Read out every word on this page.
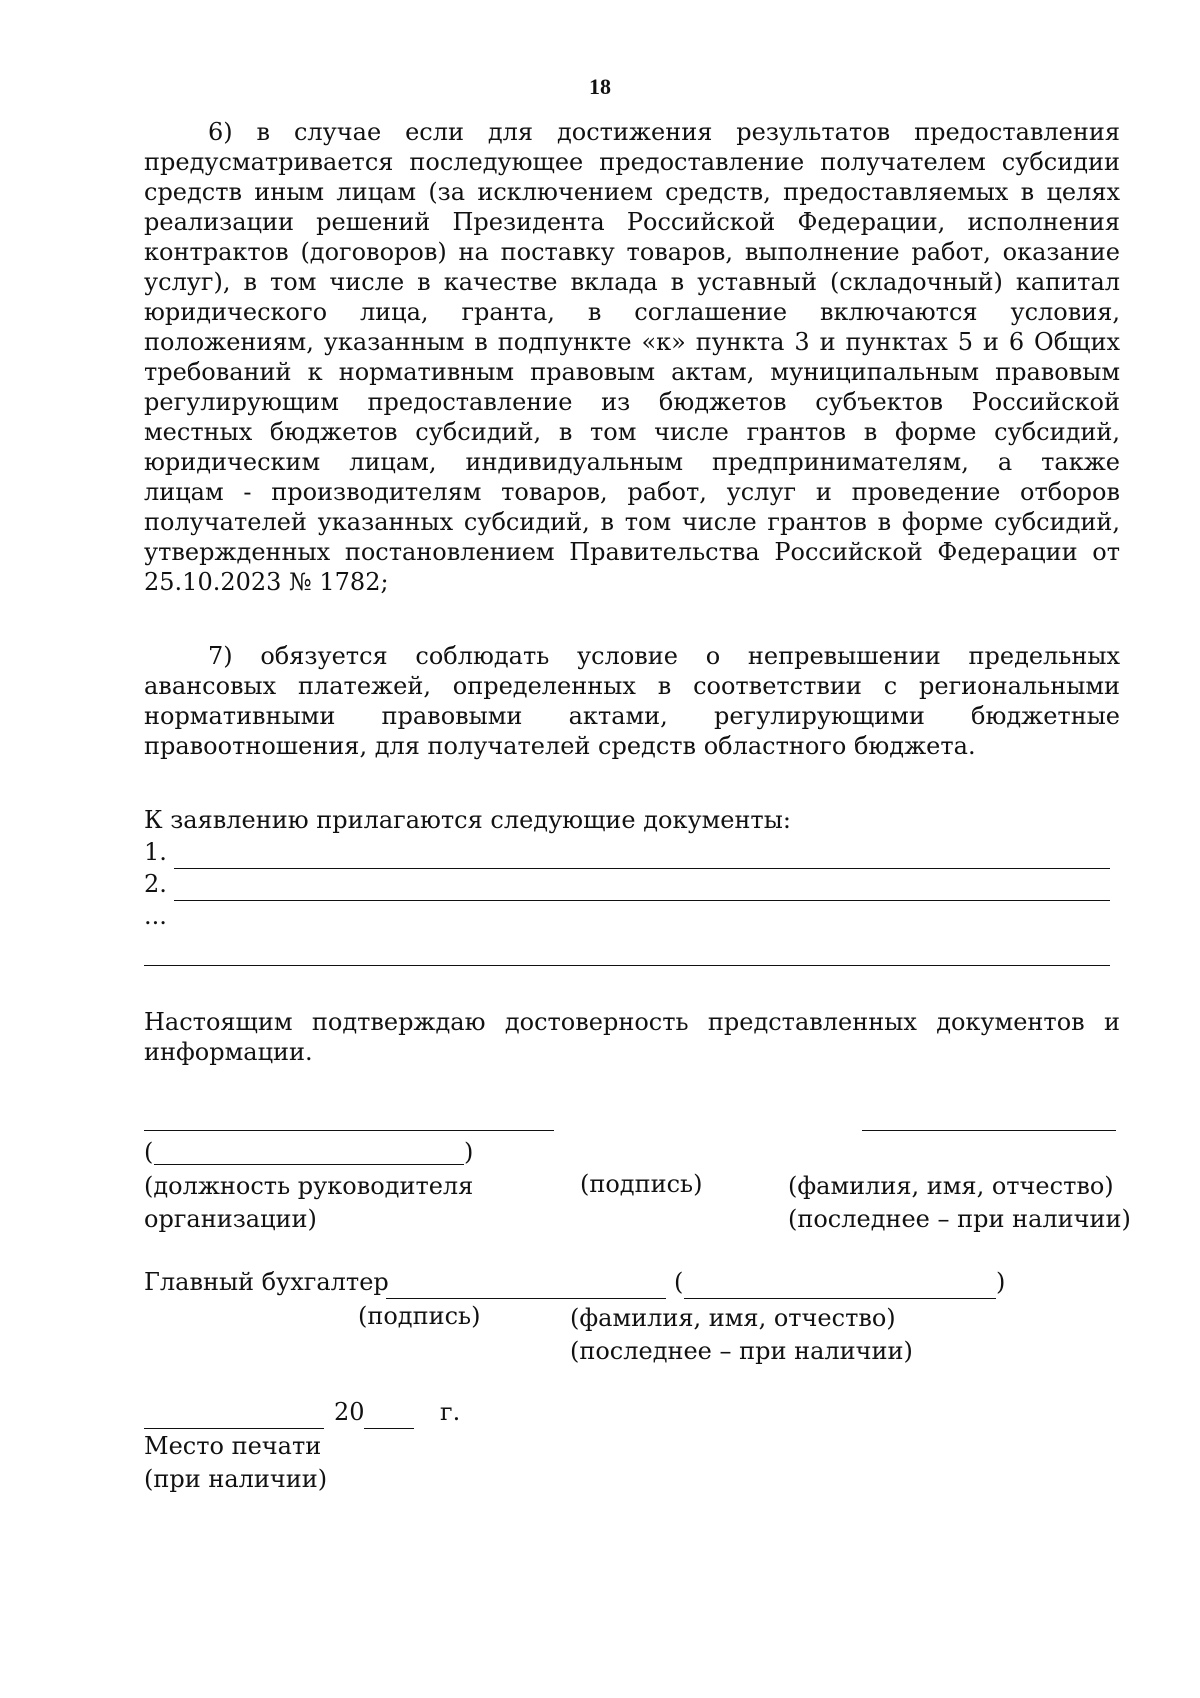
18
6) в случае если для достижения результатов предоставления
предусматривается последующее предоставление получателем субсидии
средств иным лицам (за исключением средств, предоставляемых в целях
реализации решений Президента Российской Федерации, исполнения
контрактов (договоров) на поставку товаров, выполнение работ, оказание
услуг), в том числе в качестве вклада в уставный (складочный) капитал
юридического лица, гранта, в соглашение включаются условия,
положениям, указанным в подпункте «к» пункта 3 и пунктах 5 и 6 Общих
требований к нормативным правовым актам, муниципальным правовым
регулирующим предоставление из бюджетов субъектов Российской
местных бюджетов субсидий, в том числе грантов в форме субсидий,
юридическим лицам, индивидуальным предпринимателям, а также
лицам - производителям товаров, работ, услуг и проведение отборов
получателей указанных субсидий, в том числе грантов в форме субсидий,
утвержденных постановлением Правительства Российской Федерации от
25.10.2023 № 1782;
7) обязуется соблюдать условие о непревышении предельных
авансовых платежей, определенных в соответствии с региональными
нормативными правовыми актами, регулирующими бюджетные
правоотношения, для получателей средств областного бюджета.
К заявлению прилагаются следующие документы:
1.
2.
...
Настоящим подтверждаю достоверность представленных документов и
информации.
(	)
(должность руководителя
организации)
(подпись)	(фамилия, имя, отчество)
(последнее – при наличии)
Главный бухгалтер	(	)
(подпись)	(фамилия, имя, отчество)
(последнее – при наличии)
20	г.
Место печати
(при наличии)
